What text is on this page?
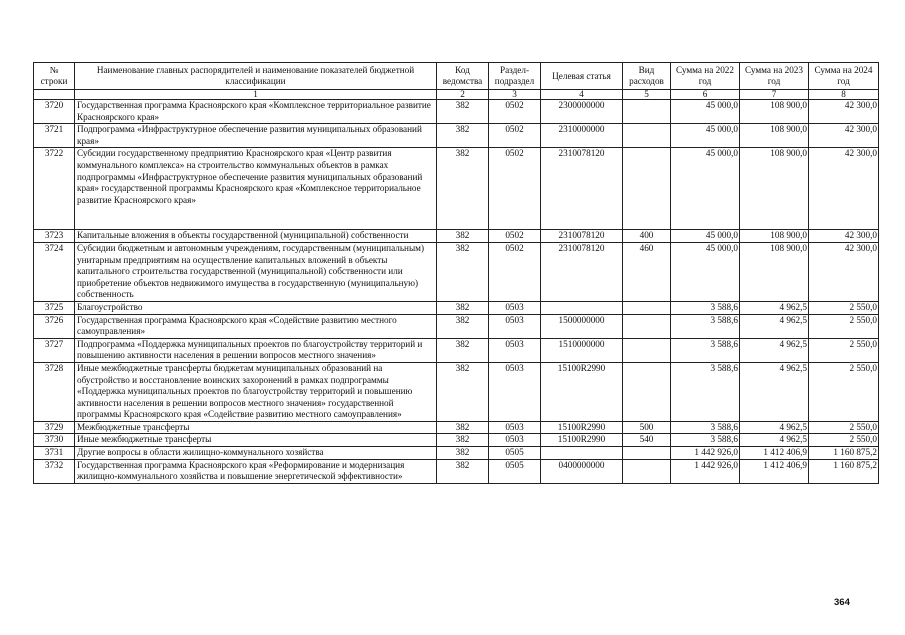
№ строки	Наименование главных распорядителей и наименование показателей бюджетной классификации	Код ведомства	Раздел-подраздел	Целевая статья	Вид расходов	Сумма на 2022 год	Сумма на 2023 год	Сумма на 2024 год
	1	2	3	4	5	6	7	8
3720	Государственная программа Красноярского края «Комплексное территориальное развитие Красноярского края»	382	0502	2300000000		45 000,0	108 900,0	42 300,0
3721	Подпрограмма «Инфраструктурное обеспечение развития муниципальных образований края»	382	0502	2310000000		45 000,0	108 900,0	42 300,0
3722	Субсидии государственному предприятию Красноярского края «Центр развития коммунального комплекса» на строительство коммунальных объектов в рамках подпрограммы «Инфраструктурное обеспечение развития муниципальных образований края» государственной программы Красноярского края «Комплексное территориальное развитие Красноярского края»	382	0502	2310078120		45 000,0	108 900,0	42 300,0
3723	Капитальные вложения в объекты государственной (муниципальной) собственности	382	0502	2310078120	400	45 000,0	108 900,0	42 300,0
3724	Субсидии бюджетным и автономным учреждениям, государственным (муниципальным) унитарным предприятиям на осуществление капитальных вложений в объекты капитального строительства государственной (муниципальной) собственности или приобретение объектов недвижимого имущества в государственную (муниципальную) собственность	382	0502	2310078120	460	45 000,0	108 900,0	42 300,0
3725	Благоустройство	382	0503			3 588,6	4 962,5	2 550,0
3726	Государственная программа Красноярского края «Содействие развитию местного самоуправления»	382	0503	1500000000		3 588,6	4 962,5	2 550,0
3727	Подпрограмма «Поддержка муниципальных проектов по благоустройству территорий и повышению активности населения в решении вопросов местного значения»	382	0503	1510000000		3 588,6	4 962,5	2 550,0
3728	Иные межбюджетные трансферты бюджетам муниципальных образований на обустройство и восстановление воинских захоронений в рамках подпрограммы «Поддержка муниципальных проектов по благоустройству территорий и повышению активности населения в решении вопросов местного значения» государственной программы Красноярского края «Содействие развитию местного самоуправления»	382	0503	15100R2990		3 588,6	4 962,5	2 550,0
3729	Межбюджетные трансферты	382	0503	15100R2990	500	3 588,6	4 962,5	2 550,0
3730	Иные межбюджетные трансферты	382	0503	15100R2990	540	3 588,6	4 962,5	2 550,0
3731	Другие вопросы в области жилищно-коммунального хозяйства	382	0505			1 442 926,0	1 412 406,9	1 160 875,2
3732	Государственная программа Красноярского края «Реформирование и модернизация жилищно-коммунального хозяйства и повышение энергетической эффективности»	382	0505	0400000000		1 442 926,0	1 412 406,9	1 160 875,2
364
